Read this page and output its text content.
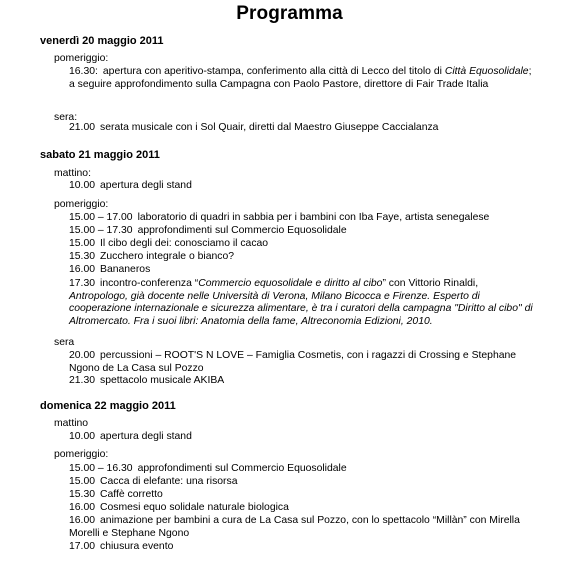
Programma
venerdì 20 maggio 2011
pomeriggio:
16.30: apertura con aperitivo-stampa, conferimento alla città di Lecco del titolo di Città Equosolidale; a seguire approfondimento sulla Campagna con Paolo Pastore, direttore di Fair Trade Italia
sera:
21.00 serata musicale con i Sol Quair, diretti dal Maestro Giuseppe Caccialanza
sabato 21 maggio 2011
mattino:
10.00 apertura degli stand
pomeriggio:
15.00 – 17.00 laboratorio di quadri in sabbia per i bambini con Iba Faye, artista senegalese
15.00 – 17.30 approfondimenti sul Commercio Equosolidale
15.00 Il cibo degli dei: conosciamo il cacao
15.30 Zucchero integrale o bianco?
16.00 Bananeros
17.30 incontro-conferenza “Commercio equosolidale e diritto al cibo” con Vittorio Rinaldi, Antropologo, già docente nelle Università di Verona, Milano Bicocca e Firenze. Esperto di cooperazione internazionale e sicurezza alimentare, è tra i curatori della campagna "Diritto al cibo" di Altromercato. Fra i suoi libri: Anatomia della fame, Altreconomia Edizioni, 2010.
sera
20.00 percussioni – ROOT'S N LOVE – Famiglia Cosmetis, con i ragazzi di Crossing e Stephane Ngono de La Casa sul Pozzo
21.30 spettacolo musicale AKIBA
domenica 22 maggio 2011
mattino
10.00 apertura degli stand
pomeriggio:
15.00 – 16.30 approfondimenti sul Commercio Equosolidale
15.00 Cacca di elefante: una risorsa
15.30 Caffè corretto
16.00 Cosmesi equo solidale naturale biologica
16.00 animazione per bambini a cura de La Casa sul Pozzo, con lo spettacolo “Millàn” con Mirella Morelli e Stephane Ngono
17.00 chiusura evento
